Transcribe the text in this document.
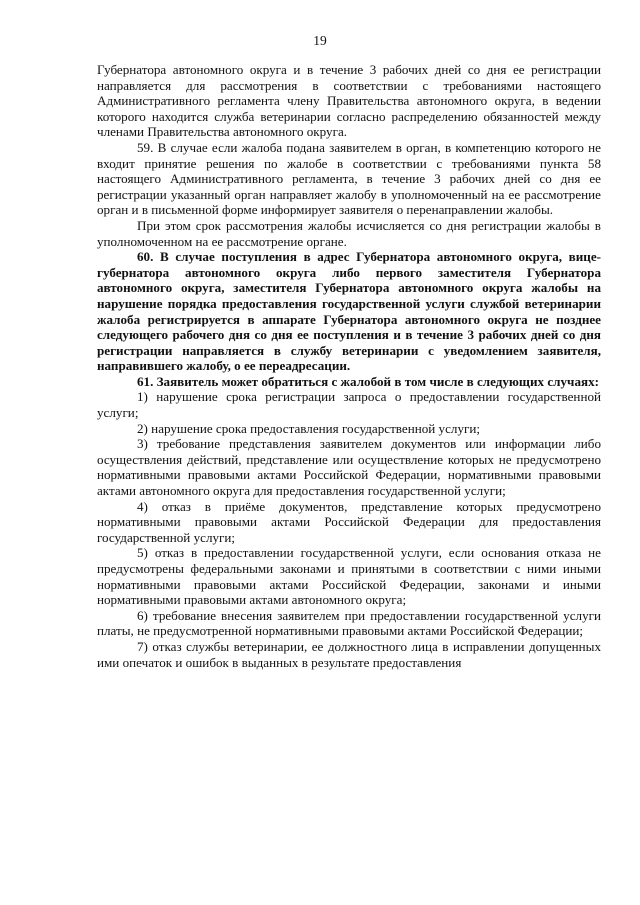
19

Губернатора автономного округа и в течение 3 рабочих дней со дня ее регистрации направляется для рассмотрения в соответствии с требованиями настоящего Административного регламента члену Правительства автономного округа, в ведении которого находится служба ветеринарии согласно распределению обязанностей между членами Правительства автономного округа.

59. В случае если жалоба подана заявителем в орган, в компетенцию которого не входит принятие решения по жалобе в соответствии с требованиями пункта 58 настоящего Административного регламента, в течение 3 рабочих дней со дня ее регистрации указанный орган направляет жалобу в уполномоченный на ее рассмотрение орган и в письменной форме информирует заявителя о перенаправлении жалобы.

При этом срок рассмотрения жалобы исчисляется со дня регистрации жалобы в уполномоченном на ее рассмотрение органе.

60. В случае поступления в адрес Губернатора автономного округа, вице-губернатора автономного округа либо первого заместителя Губернатора автономного округа, заместителя Губернатора автономного округа жалобы на нарушение порядка предоставления государственной услуги службой ветеринарии жалоба регистрируется в аппарате Губернатора автономного округа не позднее следующего рабочего дня со дня ее поступления и в течение 3 рабочих дней со дня регистрации направляется в службу ветеринарии с уведомлением заявителя, направившего жалобу, о ее переадресации.

61. Заявитель может обратиться с жалобой в том числе в следующих случаях:

1) нарушение срока регистрации запроса о предоставлении государственной услуги;

2) нарушение срока предоставления государственной услуги;

3) требование представления заявителем документов или информации либо осуществления действий, представление или осуществление которых не предусмотрено нормативными правовыми актами Российской Федерации, нормативными правовыми актами автономного округа для предоставления государственной услуги;

4) отказ в приёме документов, представление которых предусмотрено нормативными правовыми актами Российской Федерации для предоставления государственной услуги;

5) отказ в предоставлении государственной услуги, если основания отказа не предусмотрены федеральными законами и принятыми в соответствии с ними иными нормативными правовыми актами Российской Федерации, законами и иными нормативными правовыми актами автономного округа;

6) требование внесения заявителем при предоставлении государственной услуги платы, не предусмотренной нормативными правовыми актами Российской Федерации;

7) отказ службы ветеринарии, ее должностного лица в исправлении допущенных ими опечаток и ошибок в выданных в результате предоставления
